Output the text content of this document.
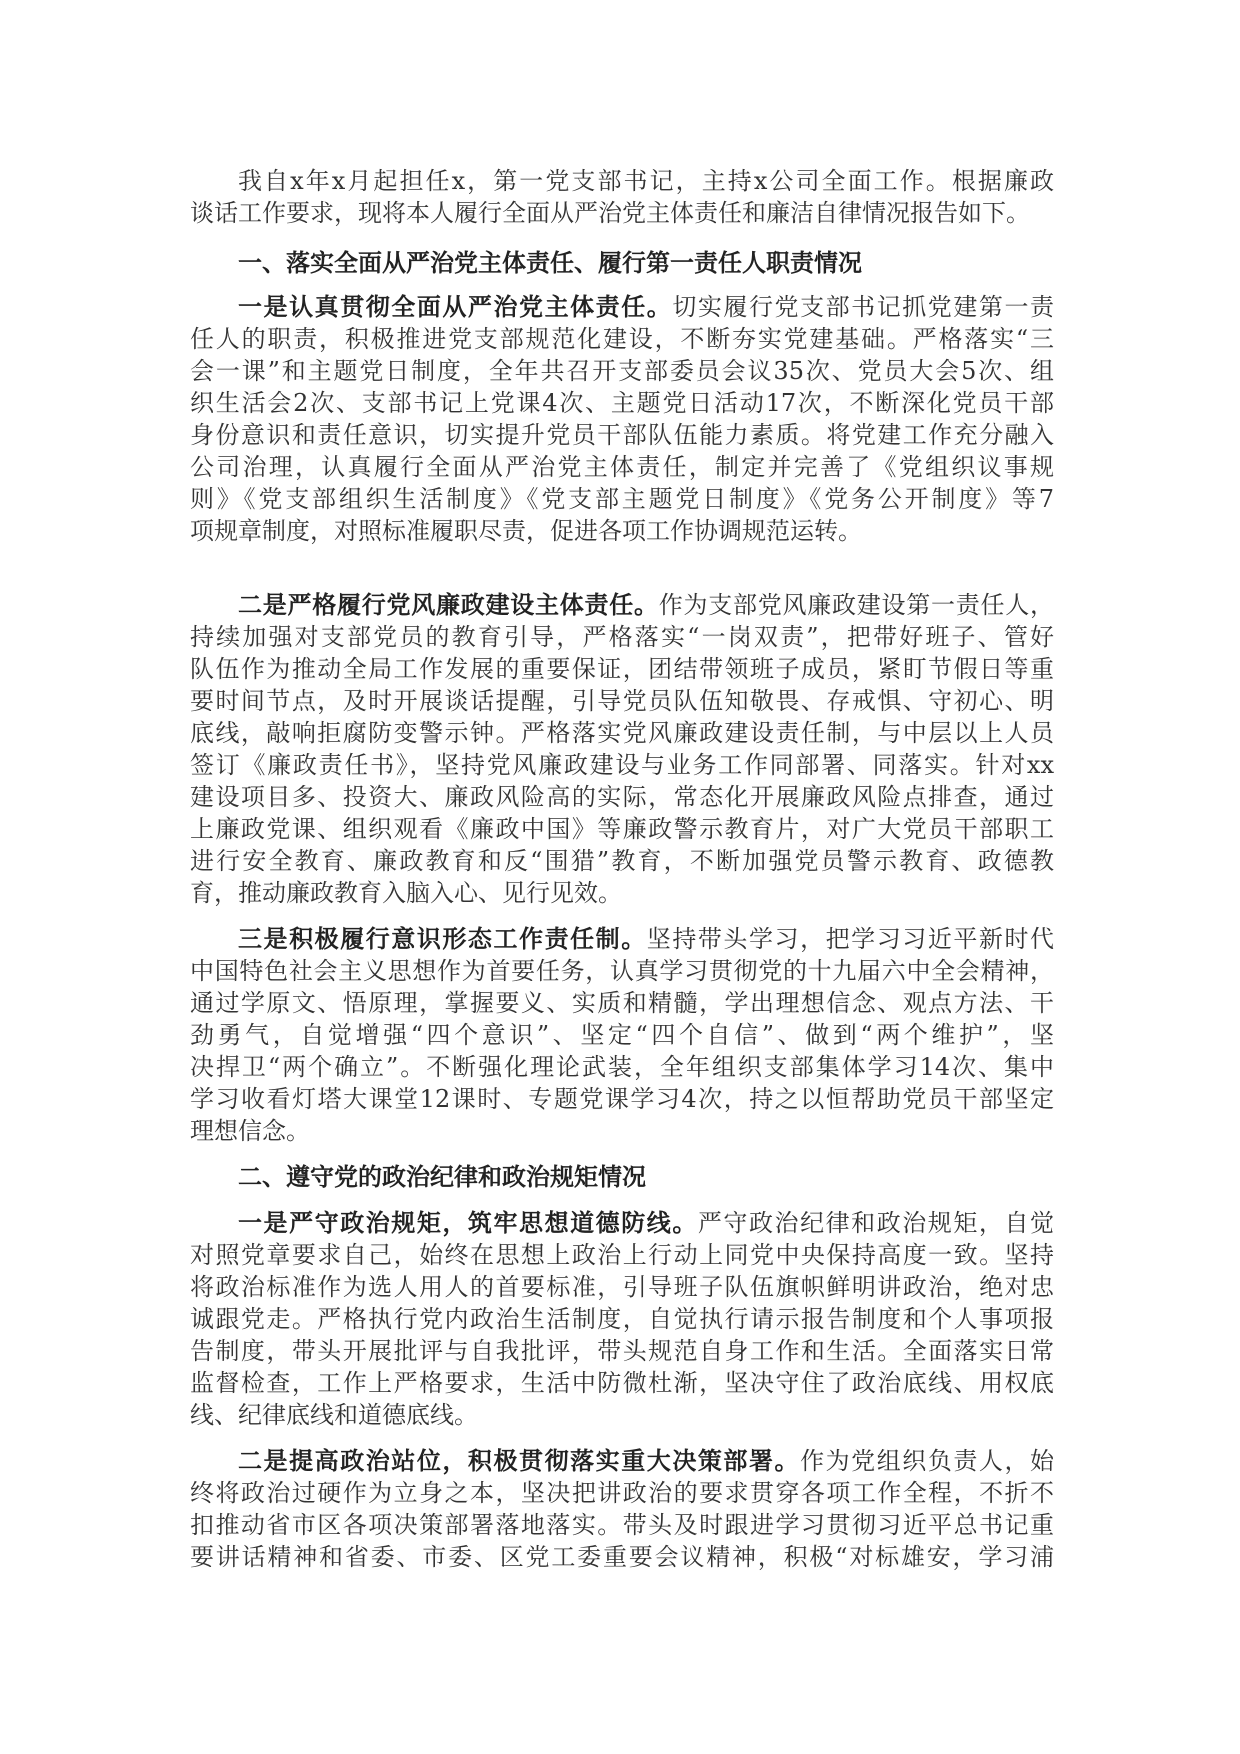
我自x年x月起担任x，第一党支部书记，主持x公司全面工作。根据廉政
谈话工作要求，现将本人履行全面从严治党主体责任和廉洁自律情况报告如下。
一、落实全面从严治党主体责任、履行第一责任人职责情况
一是认真贯彻全面从严治党主体责任。切实履行党支部书记抓党建第一责
任人的职责，积极推进党支部规范化建设，不断夯实党建基础。严格落实“三
会一课”和主题党日制度，全年共召开支部委员会议35次、党员大会5次、组
织生活会2次、支部书记上党课4次、主题党日活动17次，不断深化党员干部
身份意识和责任意识，切实提升党员干部队伍能力素质。将党建工作充分融入
公司治理，认真履行全面从严治党主体责任，制定并完善了《党组织议事规
则》《党支部组织生活制度》《党支部主题党日制度》《党务公开制度》等7
项规章制度，对照标准履职尽责，促进各项工作协调规范运转。
二是严格履行党风廉政建设主体责任。作为支部党风廉政建设第一责任人，
持续加强对支部党员的教育引导，严格落实“一岗双责”，把带好班子、管好
队伍作为推动全局工作发展的重要保证，团结带领班子成员，紧盯节假日等重
要时间节点，及时开展谈话提醒，引导党员队伍知敬畏、存戒惧、守初心、明
底线，敲响拒腐防变警示钟。严格落实党风廉政建设责任制，与中层以上人员
签订《廉政责任书》，坚持党风廉政建设与业务工作同部署、同落实。针对xx
建设项目多、投资大、廉政风险高的实际，常态化开展廉政风险点排查，通过
上廉政党课、组织观看《廉政中国》等廉政警示教育片，对广大党员干部职工
进行安全教育、廉政教育和反“围猎”教育，不断加强党员警示教育、政德教
育，推动廉政教育入脑入心、见行见效。
三是积极履行意识形态工作责任制。坚持带头学习，把学习习近平新时代
中国特色社会主义思想作为首要任务，认真学习贯彻党的十九届六中全会精神，
通过学原文、悟原理，掌握要义、实质和精髓，学出理想信念、观点方法、干
劲勇气，自觉增强“四个意识”、坚定“四个自信”、做到“两个维护”，坚
决捍卫“两个确立”。不断强化理论武装，全年组织支部集体学习14次、集中
学习收看灯塔大课堂12课时、专题党课学习4次，持之以恒帮助党员干部坚定
理想信念。
二、遵守党的政治纪律和政治规矩情况
一是严守政治规矩，筑牢思想道德防线。严守政治纪律和政治规矩，自觉
对照党章要求自己，始终在思想上政治上行动上同党中央保持高度一致。坚持
将政治标准作为选人用人的首要标准，引导班子队伍旗帜鲜明讲政治，绝对忠
诚跟党走。严格执行党内政治生活制度，自觉执行请示报告制度和个人事项报
告制度，带头开展批评与自我批评，带头规范自身工作和生活。全面落实日常
监督检查，工作上严格要求，生活中防微杜渐，坚决守住了政治底线、用权底
线、纪律底线和道德底线。
二是提高政治站位，积极贯彻落实重大决策部署。作为党组织负责人，始
终将政治过硬作为立身之本，坚决把讲政治的要求贯穿各项工作全程，不折不
扣推动省市区各项决策部署落地落实。带头及时跟进学习贯彻习近平总书记重
要讲话精神和省委、市委、区党工委重要会议精神，积极“对标雄安，学习浦
